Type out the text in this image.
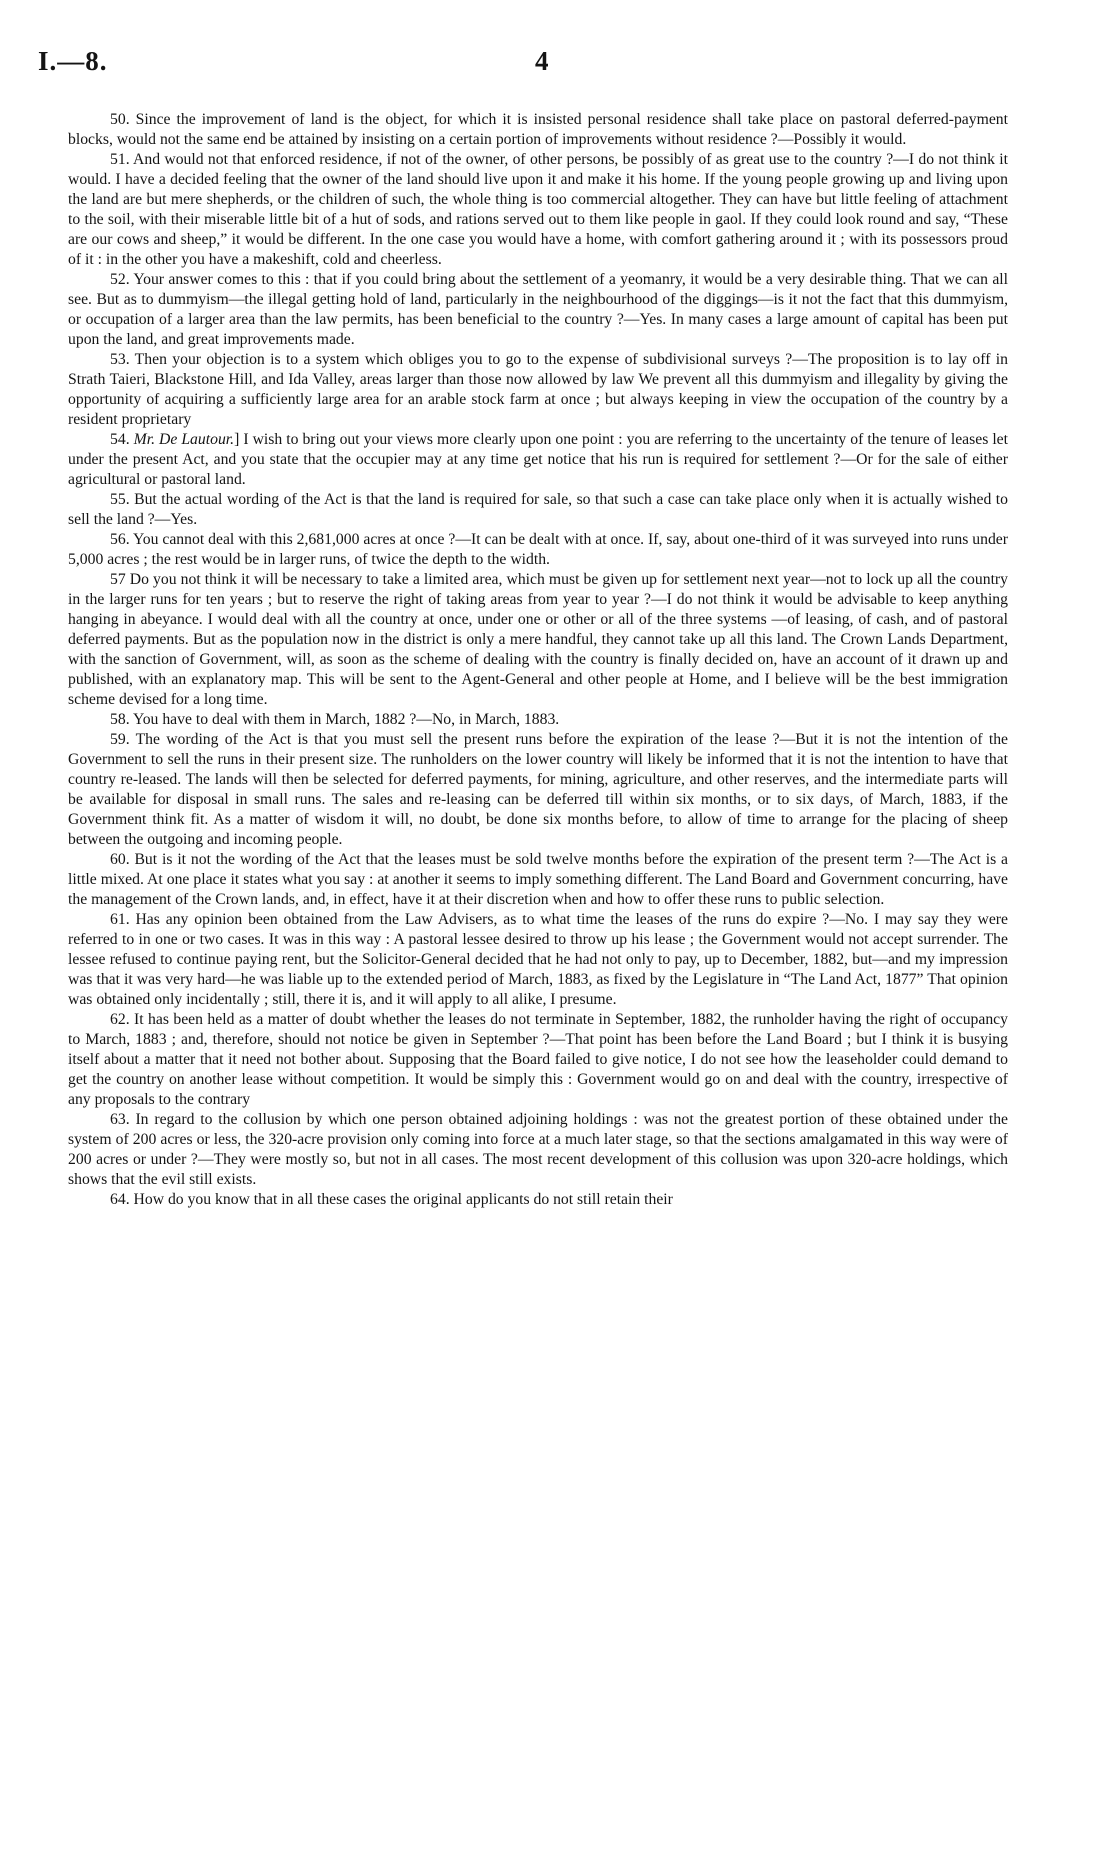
I.—8.	4

50. Since the improvement of land is the object, for which it is insisted personal residence shall take place on pastoral deferred-payment blocks, would not the same end be attained by insisting on a certain portion of improvements without residence ?—Possibly it would.

51. And would not that enforced residence, if not of the owner, of other persons, be possibly of as great use to the country ?—I do not think it would. I have a decided feeling that the owner of the land should live upon it and make it his home. If the young people growing up and living upon the land are but mere shepherds, or the children of such, the whole thing is too commercial altogether. They can have but little feeling of attachment to the soil, with their miserable little bit of a hut of sods, and rations served out to them like people in gaol. If they could look round and say, “These are our cows and sheep,” it would be different. In the one case you would have a home, with comfort gathering around it ; with its possessors proud of it : in the other you have a makeshift, cold and cheerless.

52. Your answer comes to this : that if you could bring about the settlement of a yeomanry, it would be a very desirable thing. That we can all see. But as to dummyism—the illegal getting hold of land, particularly in the neighbourhood of the diggings—is it not the fact that this dummyism, or occupation of a larger area than the law permits, has been beneficial to the country ?—Yes. In many cases a large amount of capital has been put upon the land, and great improvements made.

53. Then your objection is to a system which obliges you to go to the expense of subdivisional surveys ?—The proposition is to lay off in Strath Taieri, Blackstone Hill, and Ida Valley, areas larger than those now allowed by law We prevent all this dummyism and illegality by giving the opportunity of acquiring a sufficiently large area for an arable stock farm at once ; but always keeping in view the occupation of the country by a resident proprietary

54. Mr. De Lautour.] I wish to bring out your views more clearly upon one point : you are referring to the uncertainty of the tenure of leases let under the present Act, and you state that the occupier may at any time get notice that his run is required for settlement ?—Or for the sale of either agricultural or pastoral land.

55. But the actual wording of the Act is that the land is required for sale, so that such a case can take place only when it is actually wished to sell the land ?—Yes.

56. You cannot deal with this 2,681,000 acres at once ?—It can be dealt with at once. If, say, about one-third of it was surveyed into runs under 5,000 acres ; the rest would be in larger runs, of twice the depth to the width.

57 Do you not think it will be necessary to take a limited area, which must be given up for settlement next year—not to lock up all the country in the larger runs for ten years ; but to reserve the right of taking areas from year to year ?—I do not think it would be advisable to keep anything hanging in abeyance. I would deal with all the country at once, under one or other or all of the three systems —of leasing, of cash, and of pastoral deferred payments. But as the population now in the district is only a mere handful, they cannot take up all this land. The Crown Lands Department, with the sanction of Government, will, as soon as the scheme of dealing with the country is finally decided on, have an account of it drawn up and published, with an explanatory map. This will be sent to the Agent-General and other people at Home, and I believe will be the best immigration scheme devised for a long time.

58. You have to deal with them in March, 1882 ?—No, in March, 1883.

59. The wording of the Act is that you must sell the present runs before the expiration of the lease ?—But it is not the intention of the Government to sell the runs in their present size. The runholders on the lower country will likely be informed that it is not the intention to have that country re-leased. The lands will then be selected for deferred payments, for mining, agriculture, and other reserves, and the intermediate parts will be available for disposal in small runs. The sales and re-leasing can be deferred till within six months, or to six days, of March, 1883, if the Government think fit. As a matter of wisdom it will, no doubt, be done six months before, to allow of time to arrange for the placing of sheep between the outgoing and incoming people.

60. But is it not the wording of the Act that the leases must be sold twelve months before the expiration of the present term ?—The Act is a little mixed. At one place it states what you say : at another it seems to imply something different. The Land Board and Government concurring, have the management of the Crown lands, and, in effect, have it at their discretion when and how to offer these runs to public selection.

61. Has any opinion been obtained from the Law Advisers, as to what time the leases of the runs do expire ?—No. I may say they were referred to in one or two cases. It was in this way : A pastoral lessee desired to throw up his lease ; the Government would not accept surrender. The lessee refused to continue paying rent, but the Solicitor-General decided that he had not only to pay, up to December, 1882, but—and my impression was that it was very hard—he was liable up to the extended period of March, 1883, as fixed by the Legislature in “The Land Act, 1877” That opinion was obtained only incidentally ; still, there it is, and it will apply to all alike, I presume.

62. It has been held as a matter of doubt whether the leases do not terminate in September, 1882, the runholder having the right of occupancy to March, 1883 ; and, therefore, should not notice be given in September ?—That point has been before the Land Board ; but I think it is busying itself about a matter that it need not bother about. Supposing that the Board failed to give notice, I do not see how the leaseholder could demand to get the country on another lease without competition. It would be simply this : Government would go on and deal with the country, irrespective of any proposals to the contrary

63. In regard to the collusion by which one person obtained adjoining holdings : was not the greatest portion of these obtained under the system of 200 acres or less, the 320-acre provision only coming into force at a much later stage, so that the sections amalgamated in this way were of 200 acres or under ?—They were mostly so, but not in all cases. The most recent development of this collusion was upon 320-acre holdings, which shows that the evil still exists.

64. How do you know that in all these cases the original applicants do not still retain their
